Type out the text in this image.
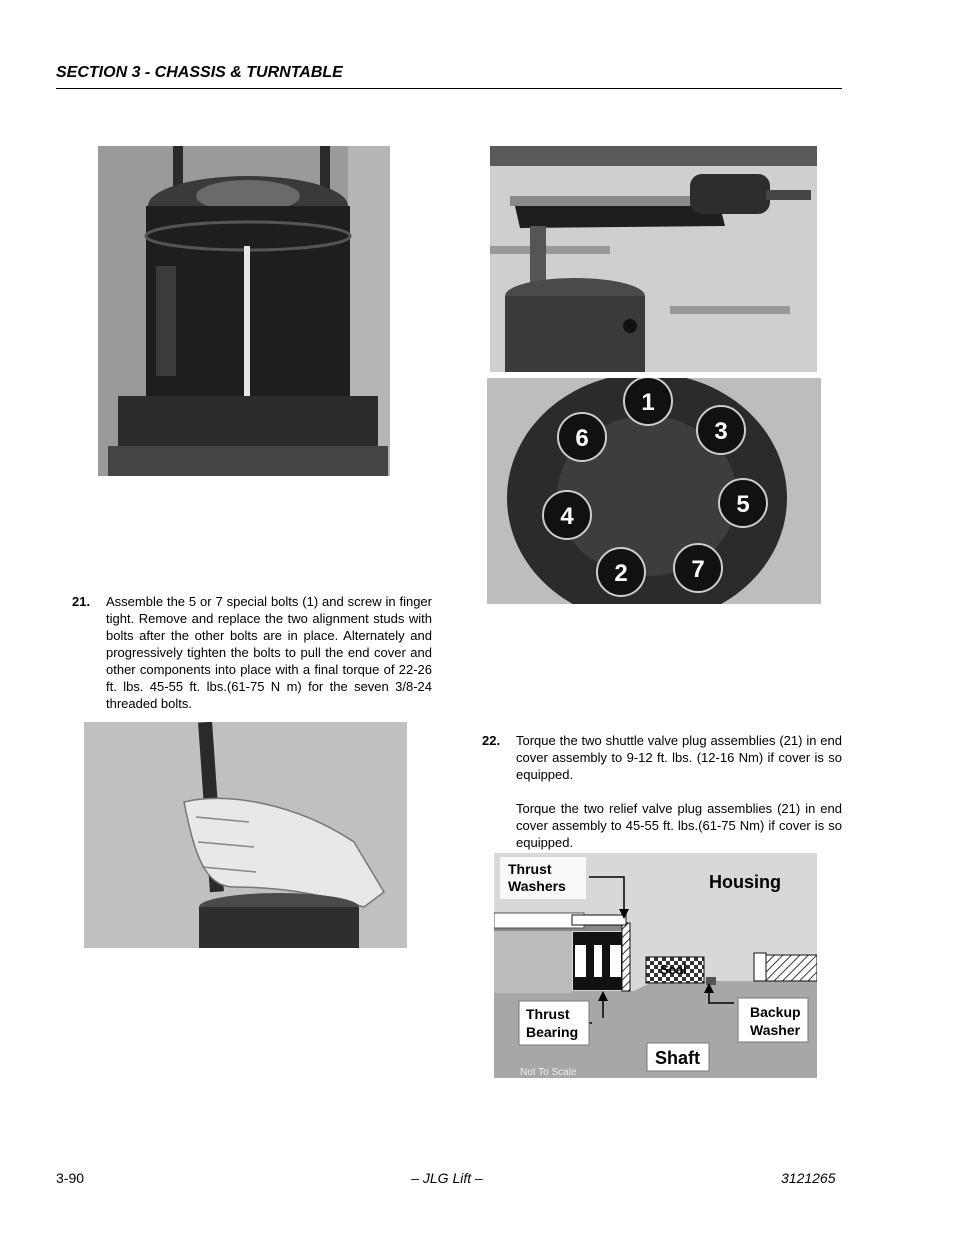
SECTION 3 - CHASSIS & TURNTABLE
1
3
5
7
2
4
6
21. Assemble the 5 or 7 special bolts (1) and screw in finger tight. Remove and replace the two alignment studs with bolts after the other bolts are in place. Alternately and progressively tighten the bolts to pull the end cover and other components into place with a final torque of 22-26 ft. lbs. 45-55 ft. lbs.(61-75 N m) for the seven 3/8-24 threaded bolts.

22. Torque the two shuttle valve plug assemblies (21) in end cover assembly to 9-12 ft. lbs. (12-16 Nm) if cover is so equipped.

Torque the two relief valve plug assemblies (21) in end cover assembly to 45-55 ft. lbs.(61-75 Nm) if cover is so equipped.

Thrust
Washers	Housing
Seal
Thrust
Bearing
Backup
Washer
Shaft
Not To Scale
3-90	– JLG Lift –	3121265
